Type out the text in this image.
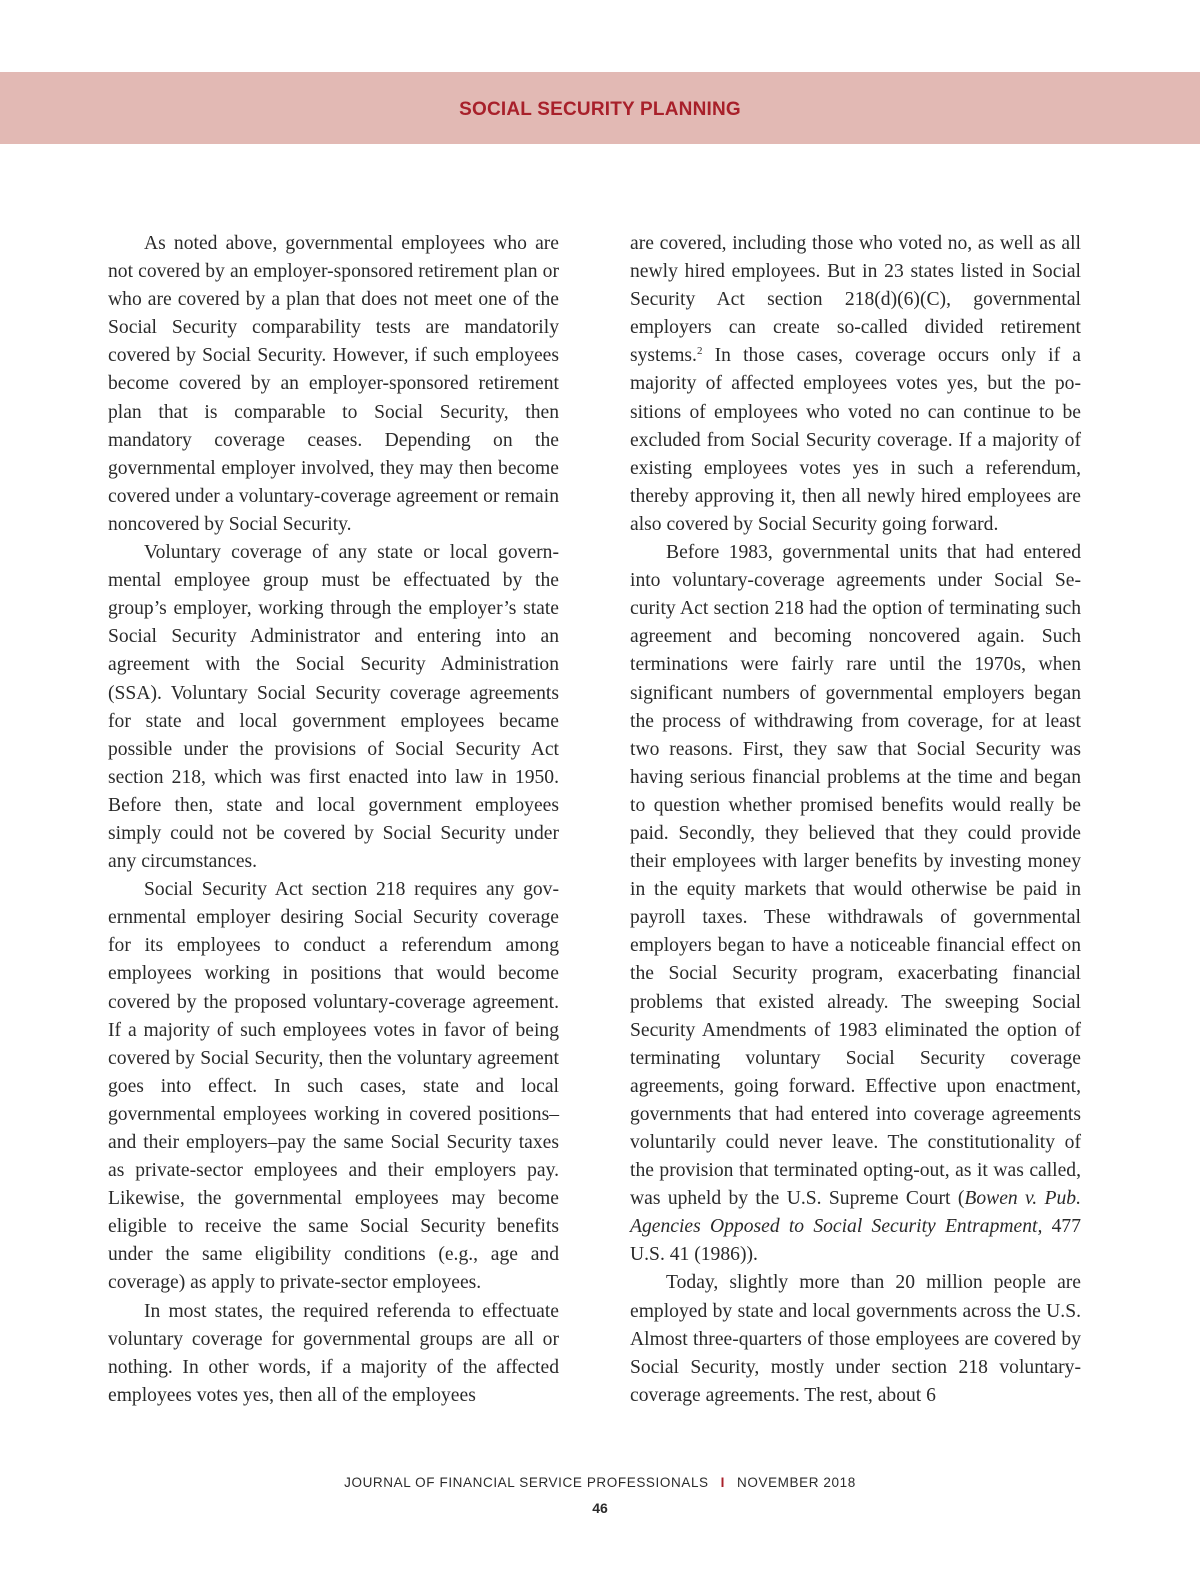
SOCIAL SECURITY PLANNING

As noted above, governmental employees who are not covered by an employer-sponsored retirement plan or who are covered by a plan that does not meet one of the Social Security comparability tests are mandatorily covered by Social Security. However, if such employees become covered by an employer-sponsored retirement plan that is comparable to Social Security, then mandatory coverage ceases. Depending on the governmental employer involved, they may then become covered under a voluntary-coverage agreement or remain noncovered by Social Security.

Voluntary coverage of any state or local governmental employee group must be effectuated by the group’s employer, working through the employer’s state Social Security Administrator and entering into an agreement with the Social Security Administration (SSA). Voluntary Social Security coverage agreements for state and local government employees became possible under the provisions of Social Security Act section 218, which was first enacted into law in 1950. Before then, state and local government employees simply could not be covered by Social Security under any circumstances.

Social Security Act section 218 requires any governmental employer desiring Social Security coverage for its employees to conduct a referendum among employees working in positions that would become covered by the proposed voluntary-coverage agreement. If a majority of such employees votes in favor of being covered by Social Security, then the voluntary agreement goes into effect. In such cases, state and local governmental employees working in covered positions–and their employers–pay the same Social Security taxes as private-sector employees and their employers pay. Likewise, the governmental employees may become eligible to receive the same Social Security benefits under the same eligibility conditions (e.g., age and coverage) as apply to private-sector employees.

In most states, the required referenda to effectuate voluntary coverage for governmental groups are all or nothing. In other words, if a majority of the affected employees votes yes, then all of the employees

are covered, including those who voted no, as well as all newly hired employees. But in 23 states listed in Social Security Act section 218(d)(6)(C), governmental employers can create so-called divided retirement systems.$^2$ In those cases, coverage occurs only if a majority of affected employees votes yes, but the positions of employees who voted no can continue to be excluded from Social Security coverage. If a majority of existing employees votes yes in such a referendum, thereby approving it, then all newly hired employees are also covered by Social Security going forward.

Before 1983, governmental units that had entered into voluntary-coverage agreements under Social Security Act section 218 had the option of terminating such agreement and becoming noncovered again. Such terminations were fairly rare until the 1970s, when significant numbers of governmental employers began the process of withdrawing from coverage, for at least two reasons. First, they saw that Social Security was having serious financial problems at the time and began to question whether promised benefits would really be paid. Secondly, they believed that they could provide their employees with larger benefits by investing money in the equity markets that would otherwise be paid in payroll taxes. These withdrawals of governmental employers began to have a noticeable financial effect on the Social Security program, exacerbating financial problems that existed already. The sweeping Social Security Amendments of 1983 eliminated the option of terminating voluntary Social Security coverage agreements, going forward. Effective upon enactment, governments that had entered into coverage agreements voluntarily could never leave. The constitutionality of the provision that terminated opting-out, as it was called, was upheld by the U.S. Supreme Court (Bowen v. Pub. Agencies Opposed to Social Security Entrapment, 477 U.S. 41 (1986)).

Today, slightly more than 20 million people are employed by state and local governments across the U.S. Almost three-quarters of those employees are covered by Social Security, mostly under section 218 voluntary-coverage agreements. The rest, about 6

JOURNAL OF FINANCIAL SERVICE PROFESSIONALS I NOVEMBER 2018
46
